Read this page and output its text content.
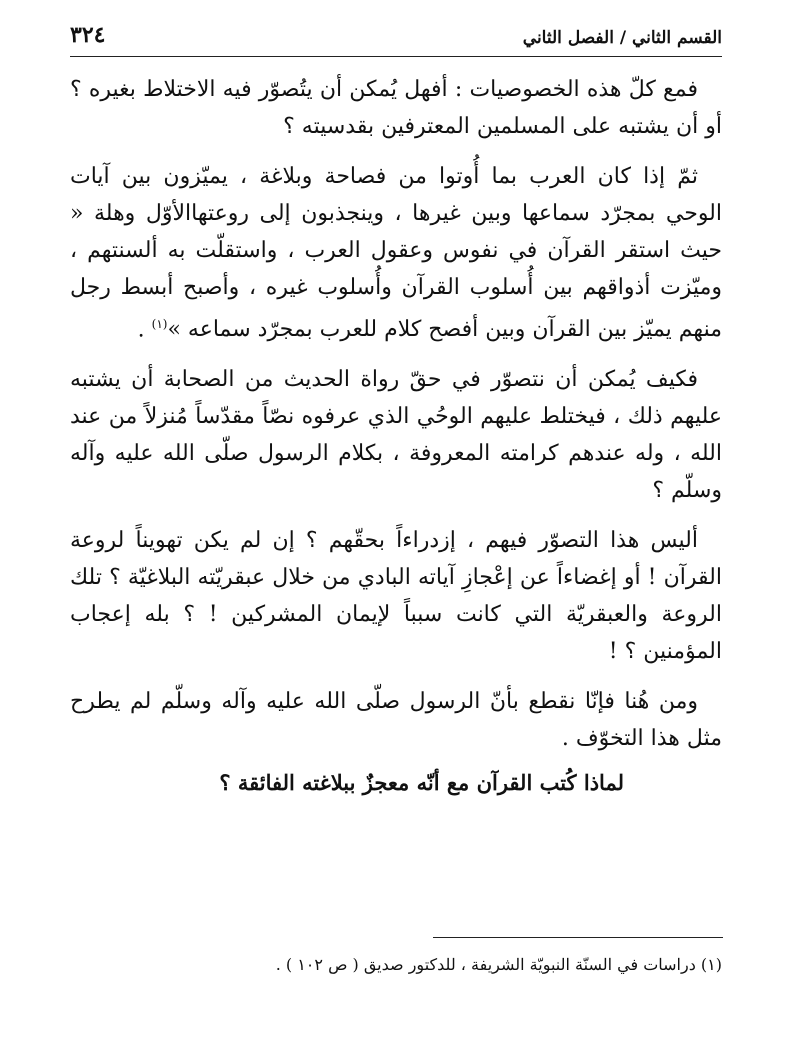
القسم الثاني / الفصل الثاني
٣٢٤

فمع كلّ هذه الخصوصيات : أفهل يُمكن أن يتُصوّر فيه الاختلاط بغيره ؟ أو أن يشتبه على المسلمين المعترفين بقدسيته ؟

ثمّ إذا كان العرب بما أُوتوا من فصاحة وبلاغة ، يميّزون بين آيات الوحي بمجرّد سماعها وبين غيرها ، وينجذبون إلى روعتهاالأوّل وهلة « حيث استقر القرآن في نفوس وعقول العرب ، واستقلّت به ألسنتهم ، وميّزت أذواقهم بين أُسلوب القرآن وأُسلوب غيره ، وأصبح أبسط رجل منهم يميّز بين القرآن وبين أفصح كلام للعرب بمجرّد سماعه »$^{(١)}$ .

فكيف يُمكن أن نتصوّر في حقّ رواة الحديث من الصحابة أن يشتبه عليهم ذلك ، فيختلط عليهم الوحُي الذي عرفوه نصّاً مقدّساً مُنزلاً من عند الله ، وله عندهم كرامته المعروفة ، بكلام الرسول صلّى الله عليه وآله وسلّم ؟

أليس هذا التصوّر فيهم ، إزدراءاً بحقّهم ؟ إن لم يكن تهويناً لروعة القرآن ! أو إغضاءاً عن إعْجازِ آياته البادي من خلال عبقريّته البلاغيّة ؟ تلك الروعة والعبقريّة التي كانت سبباً لإيمان المشركين ! ؟ بله إعجاب المؤمنين ؟ !

ومن هُنا فإنّا نقطع بأنّ الرسول صلّى الله عليه وآله وسلّم لم يطرح مثل هذا التخوّف .

لماذا كُتب القرآن مع أنّه معجزٌ ببلاغته الفائقة ؟
(١) دراسات في السنّة النبويّة الشريفة ، للدكتور صديق ( ص ١٠٢ ) .
